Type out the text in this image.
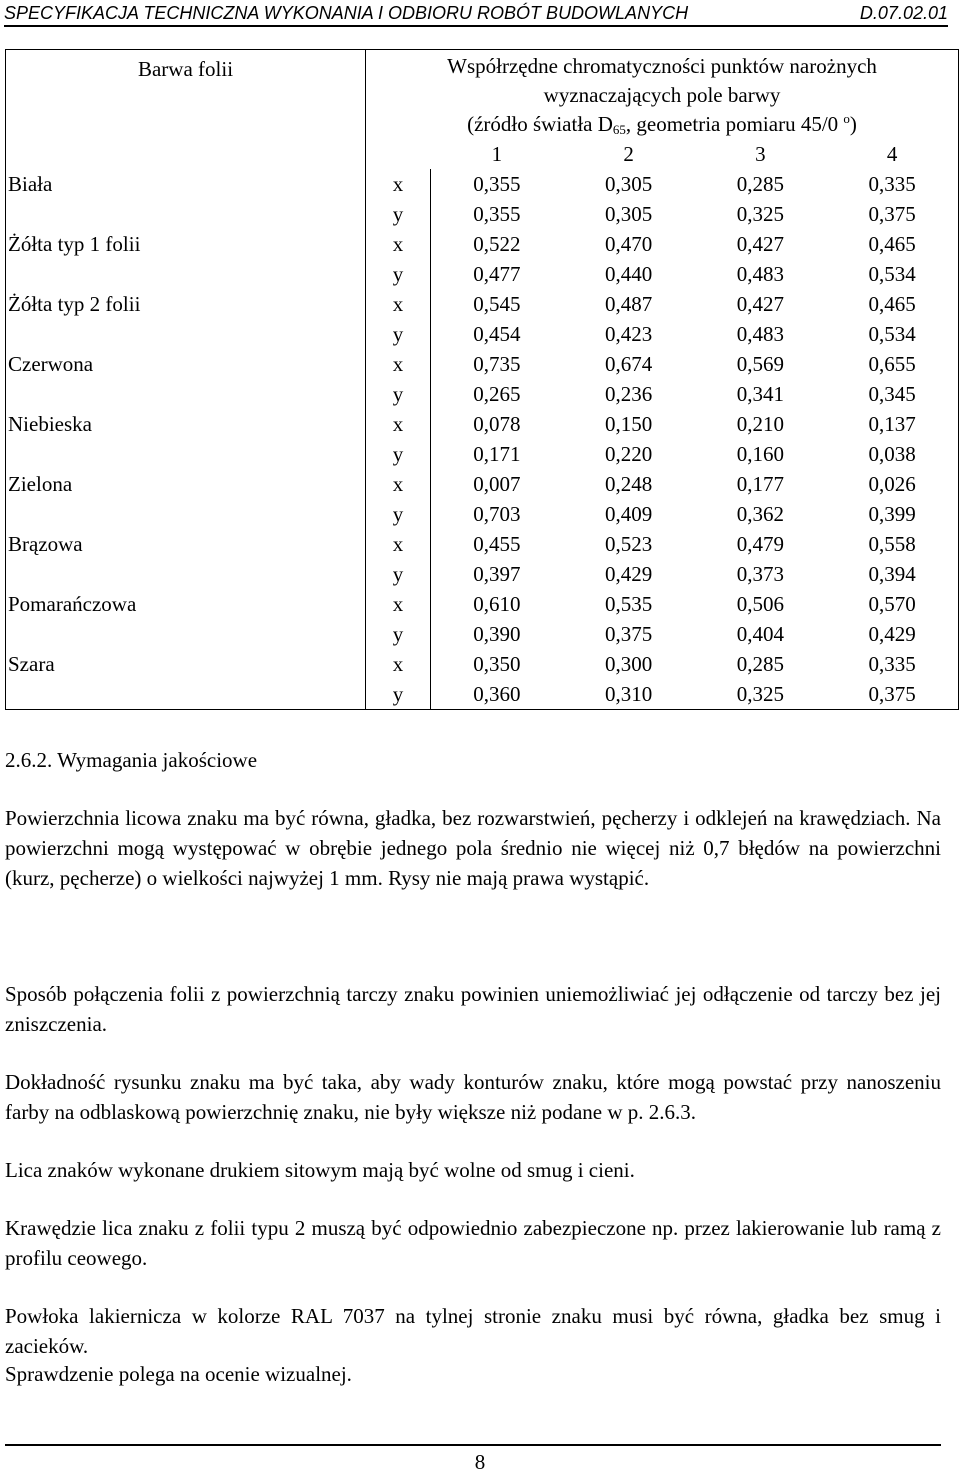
SPECYFIKACJA TECHNICZNA WYKONANIA I ODBIORU ROBÓT BUDOWLANYCH	D.07.02.01
Barwa folii	Współrzędne chromatyczności punktów narożnych
wyznaczających pole barwy
(źródło światła $D_{65}$, geometria pomiaru 45/0 $^o$)	

	1 2 3 4	

Biała	x	0,355 0,305 0,285 0,335

	y	0,355 0,305 0,325 0,375

Żółta typ 1 folii	x	0,522 0,470 0,427 0,465

	y	0,477 0,440 0,483 0,534

Żółta typ 2 folii	x	0,545 0,487 0,427 0,465

	y	0,454 0,423 0,483 0,534

Czerwona	x	0,735 0,674 0,569 0,655

	y	0,265 0,236 0,341 0,345

Niebieska	x	0,078 0,150 0,210 0,137

	y	0,171 0,220 0,160 0,038

Zielona	x	0,007 0,248 0,177 0,026

	y	0,703 0,409 0,362 0,399

Brązowa	x	0,455 0,523 0,479 0,558

	y	0,397 0,429 0,373 0,394

Pomarańczowa	x	0,610 0,535 0,506 0,570

	y	0,390 0,375 0,404 0,429

Szara	x	0,350 0,300 0,285 0,335

	y	0,360 0,310 0,325 0,375
2.6.2. Wymagania jakościowe
Powierzchnia licowa znaku ma być równa, gładka, bez rozwarstwień, pęcherzy i odklejeń na krawędziach. Na powierzchni mogą występować w obrębie jednego pola średnio nie więcej niż 0,7 błędów na powierzchni (kurz, pęcherze) o wielkości najwyżej 1 mm. Rysy nie mają prawa wystąpić.
Sposób połączenia folii z powierzchnią tarczy znaku powinien uniemożliwiać jej odłączenie od tarczy bez jej zniszczenia.
Dokładność rysunku znaku ma być taka, aby wady konturów znaku, które mogą powstać przy nanoszeniu farby na odblaskową powierzchnię znaku, nie były większe niż podane w p. 2.6.3.
Lica znaków wykonane drukiem sitowym mają być wolne od smug i cieni.
Krawędzie lica znaku z folii typu 2 muszą być odpowiednio zabezpieczone np. przez lakierowanie lub ramą z profilu ceowego.
Powłoka lakiernicza w kolorze RAL 7037 na tylnej stronie znaku musi być równa, gładka bez smug i zacieków.
Sprawdzenie polega na ocenie wizualnej.
8
